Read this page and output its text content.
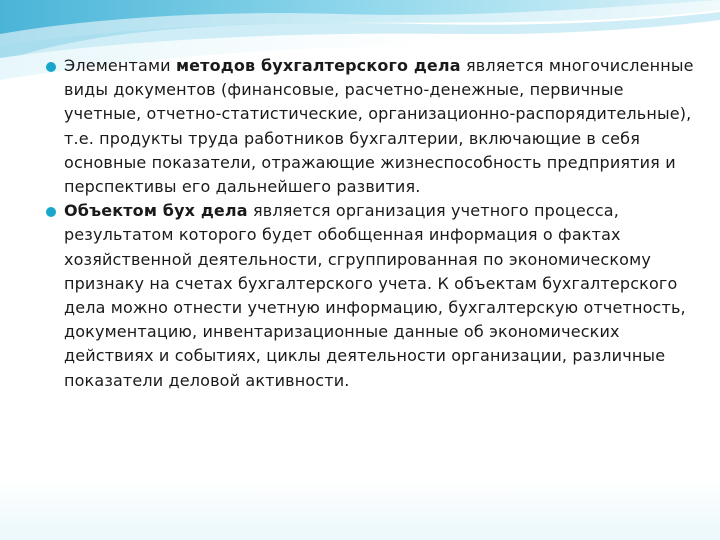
Элементами методов бухгалтерского дела является многочисленные виды документов (финансовые, расчетно-денежные, первичные учетные, отчетно-статистические, организационно-распорядительные), т.е. продукты труда работников бухгалтерии, включающие в себя основные показатели, отражающие жизнеспособность предприятия и перспективы его дальнейшего развития.
Объектом бух дела является организация учетного процесса, результатом которого будет обобщенная информация о фактах хозяйственной деятельности, сгруппированная по экономическому признаку на счетах бухгалтерского учета. К объектам бухгалтерского дела можно отнести учетную информацию, бухгалтерскую отчетность, документацию, инвентаризационные данные об экономических действиях и событиях, циклы деятельности организации, различные показатели деловой активности.
